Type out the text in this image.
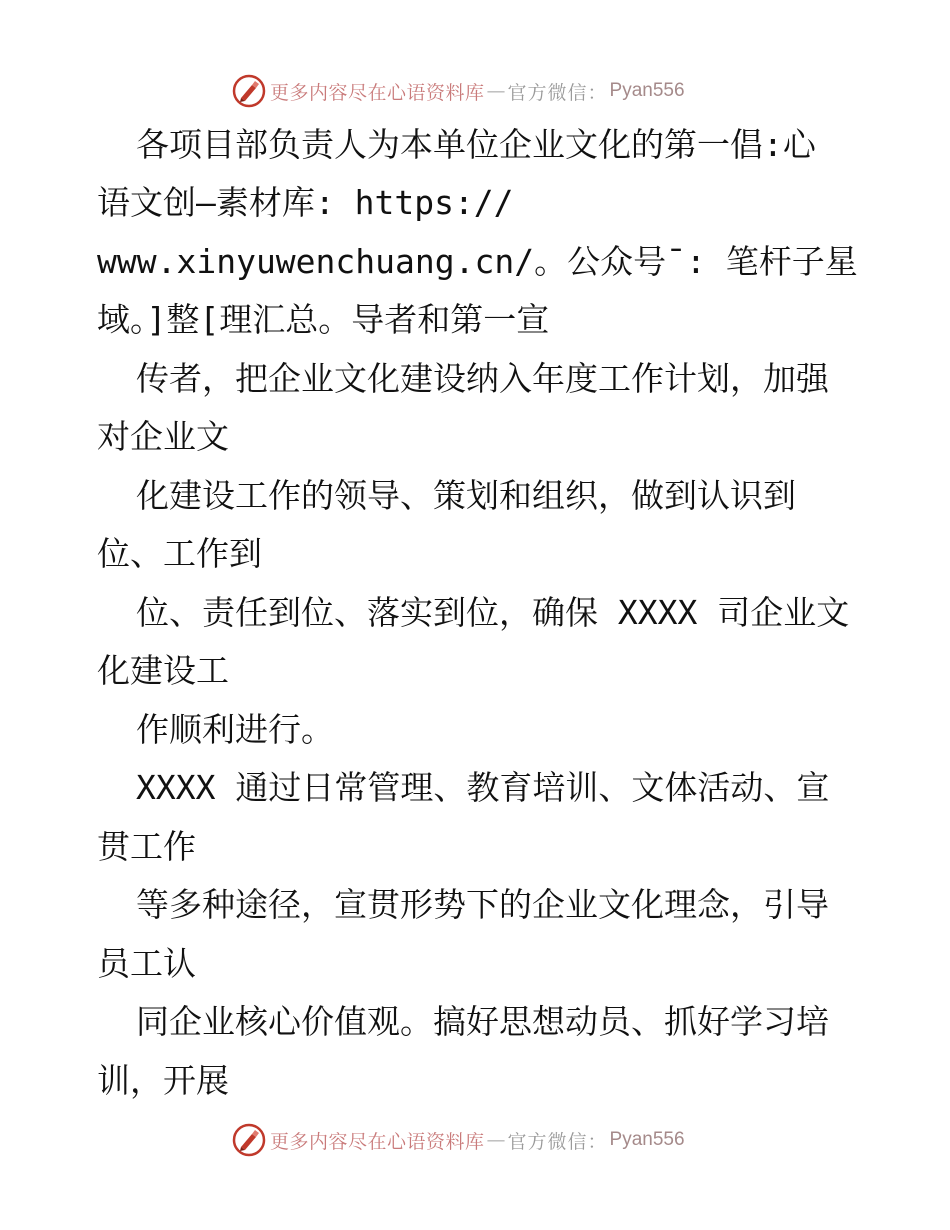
更多内容尽在心语资料库 — 官方微信： Pyan556
各项目部负责人为本单位企业文化的第一倡:心
语文创—素材库: https://
www.xinyuwenchuang.cn/。公众号¯: 笔杆子星
域。]整[理汇总。导者和第一宣
传者，把企业文化建设纳入年度工作计划，加强
对企业文
化建设工作的领导、策划和组织，做到认识到
位、工作到
位、责任到位、落实到位，确保 XXXX 司企业文
化建设工
作顺利进行。
XXXX 通过日常管理、教育培训、文体活动、宣
贯工作
等多种途径，宣贯形势下的企业文化理念，引导
员工认
同企业核心价值观。搞好思想动员、抓好学习培
训，开展
更多内容尽在心语资料库 — 官方微信： Pyan556
